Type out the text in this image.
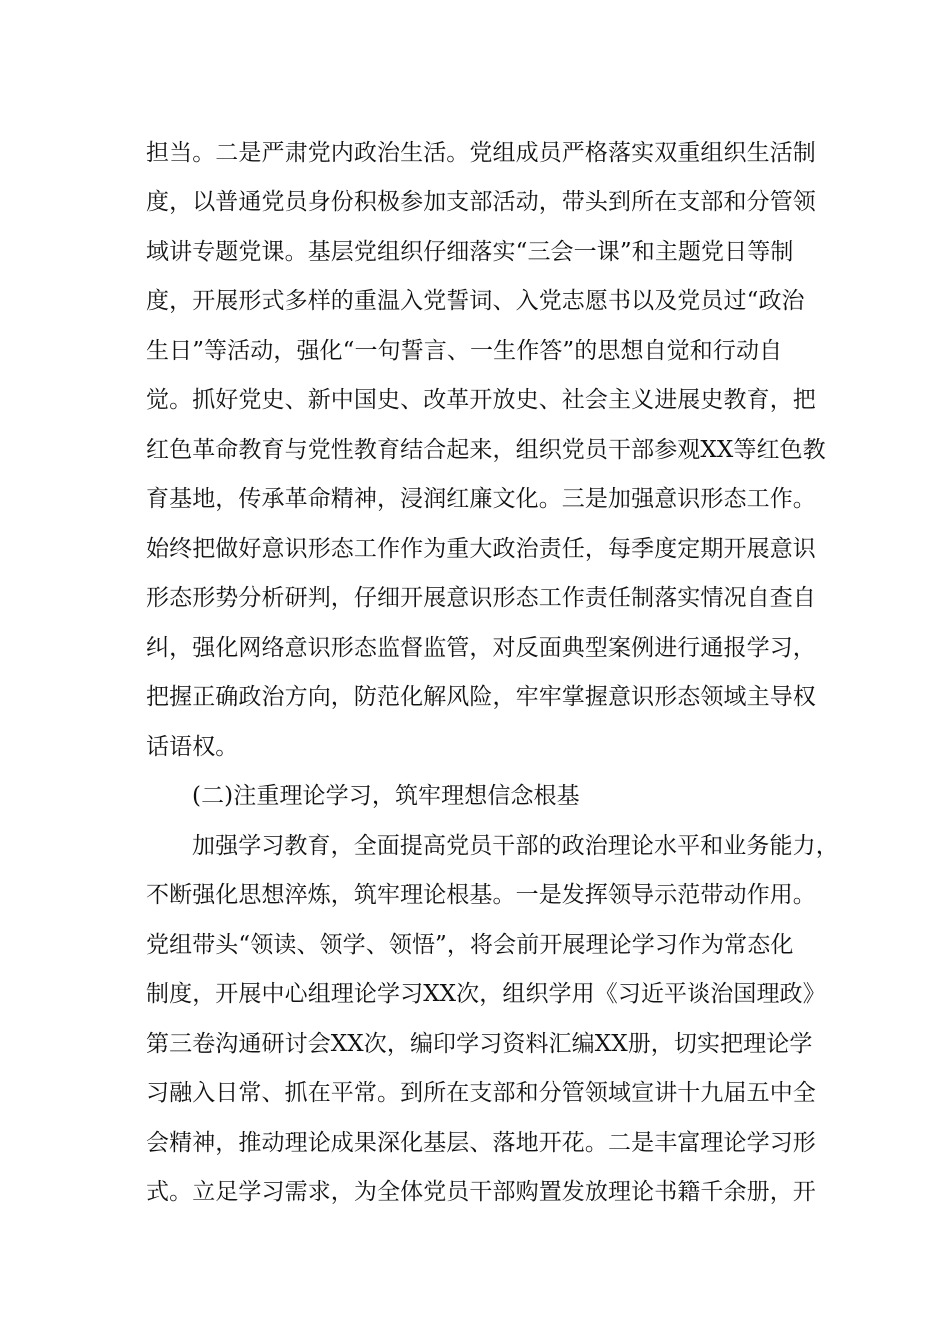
担当。二是严肃党内政治生活。党组成员严格落实双重组织生活制
度，以普通党员身份积极参加支部活动，带头到所在支部和分管领
域讲专题党课。基层党组织仔细落实“三会一课”和主题党日等制
度，开展形式多样的重温入党誓词、入党志愿书以及党员过“政治
生日”等活动，强化“一句誓言、一生作答”的思想自觉和行动自
觉。抓好党史、新中国史、改革开放史、社会主义进展史教育，把
红色革命教育与党性教育结合起来，组织党员干部参观XX等红色教
育基地，传承革命精神，浸润红廉文化。三是加强意识形态工作。
始终把做好意识形态工作作为重大政治责任，每季度定期开展意识
形态形势分析研判，仔细开展意识形态工作责任制落实情况自查自
纠，强化网络意识形态监督监管，对反面典型案例进行通报学习，
把握正确政治方向，防范化解风险，牢牢掌握意识形态领域主导权
话语权。
(二)注重理论学习，筑牢理想信念根基
加强学习教育，全面提高党员干部的政治理论水平和业务能力，
不断强化思想淬炼，筑牢理论根基。一是发挥领导示范带动作用。
党组带头“领读、领学、领悟”，将会前开展理论学习作为常态化
制度，开展中心组理论学习XX次，组织学用《习近平谈治国理政》
第三卷沟通研讨会XX次，编印学习资料汇编XX册，切实把理论学
习融入日常、抓在平常。到所在支部和分管领域宣讲十九届五中全
会精神，推动理论成果深化基层、落地开花。二是丰富理论学习形
式。立足学习需求，为全体党员干部购置发放理论书籍千余册，开
